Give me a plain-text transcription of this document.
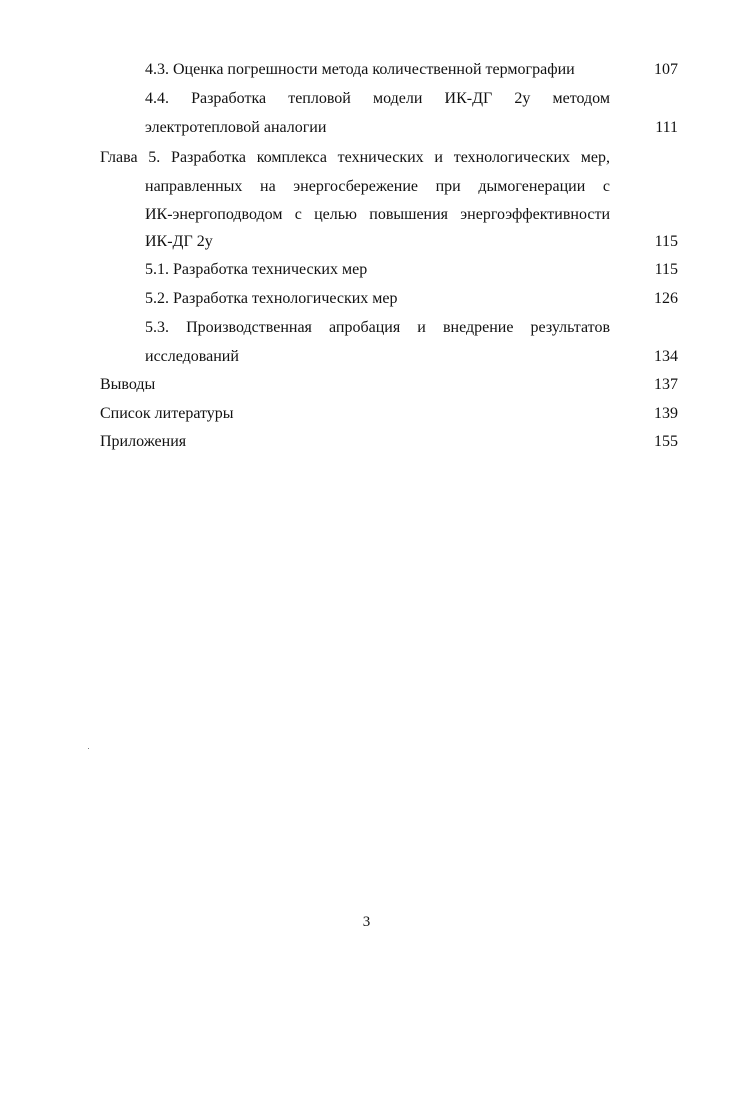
4.3. Оценка погрешности метода количественной термографии	107
4.4. Разработка тепловой модели ИК-ДГ 2у методом
электротепловой аналогии	111
Глава 5. Разработка комплекса технических и технологических мер,
направленных на энергосбережение при дымогенерации с
ИК-энергоподводом с целью повышения энергоэффективности
ИК-ДГ 2у	115
5.1. Разработка технических мер	115
5.2. Разработка технологических мер	126
5.3. Производственная апробация и внедрение результатов
исследований	134
Выводы	137
Список литературы	139
Приложения	155
3
